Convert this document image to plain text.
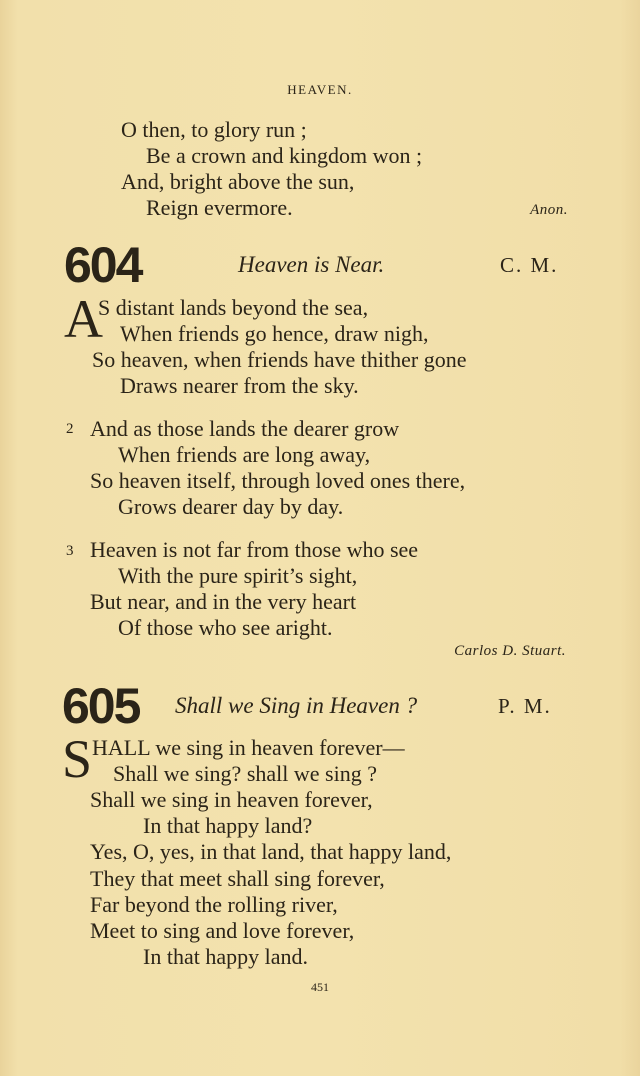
HEAVEN.
O then, to glory run ;
Be a crown and kingdom won ;
And, bright above the sun,
Reign evermore.	Anon.
604	Heaven is Near.	C. M.
A
S distant lands beyond the sea,
When friends go hence, draw nigh,
So heaven, when friends have thither gone
Draws nearer from the sky.
2 And as those lands the dearer grow
When friends are long away,
So heaven itself, through loved ones there,
Grows dearer day by day.
3 Heaven is not far from those who see
With the pure spirit’s sight,
But near, and in the very heart
Of those who see aright.
Carlos D. Stuart.
605 Shall we Sing in Heaven ?	P. M.
S HALL we sing in heaven forever—
Shall we sing? shall we sing ?
Shall we sing in heaven forever,
In that happy land?
Yes, O, yes, in that land, that happy land,
They that meet shall sing forever,
Far beyond the rolling river,
Meet to sing and love forever,
In that happy land.
451
